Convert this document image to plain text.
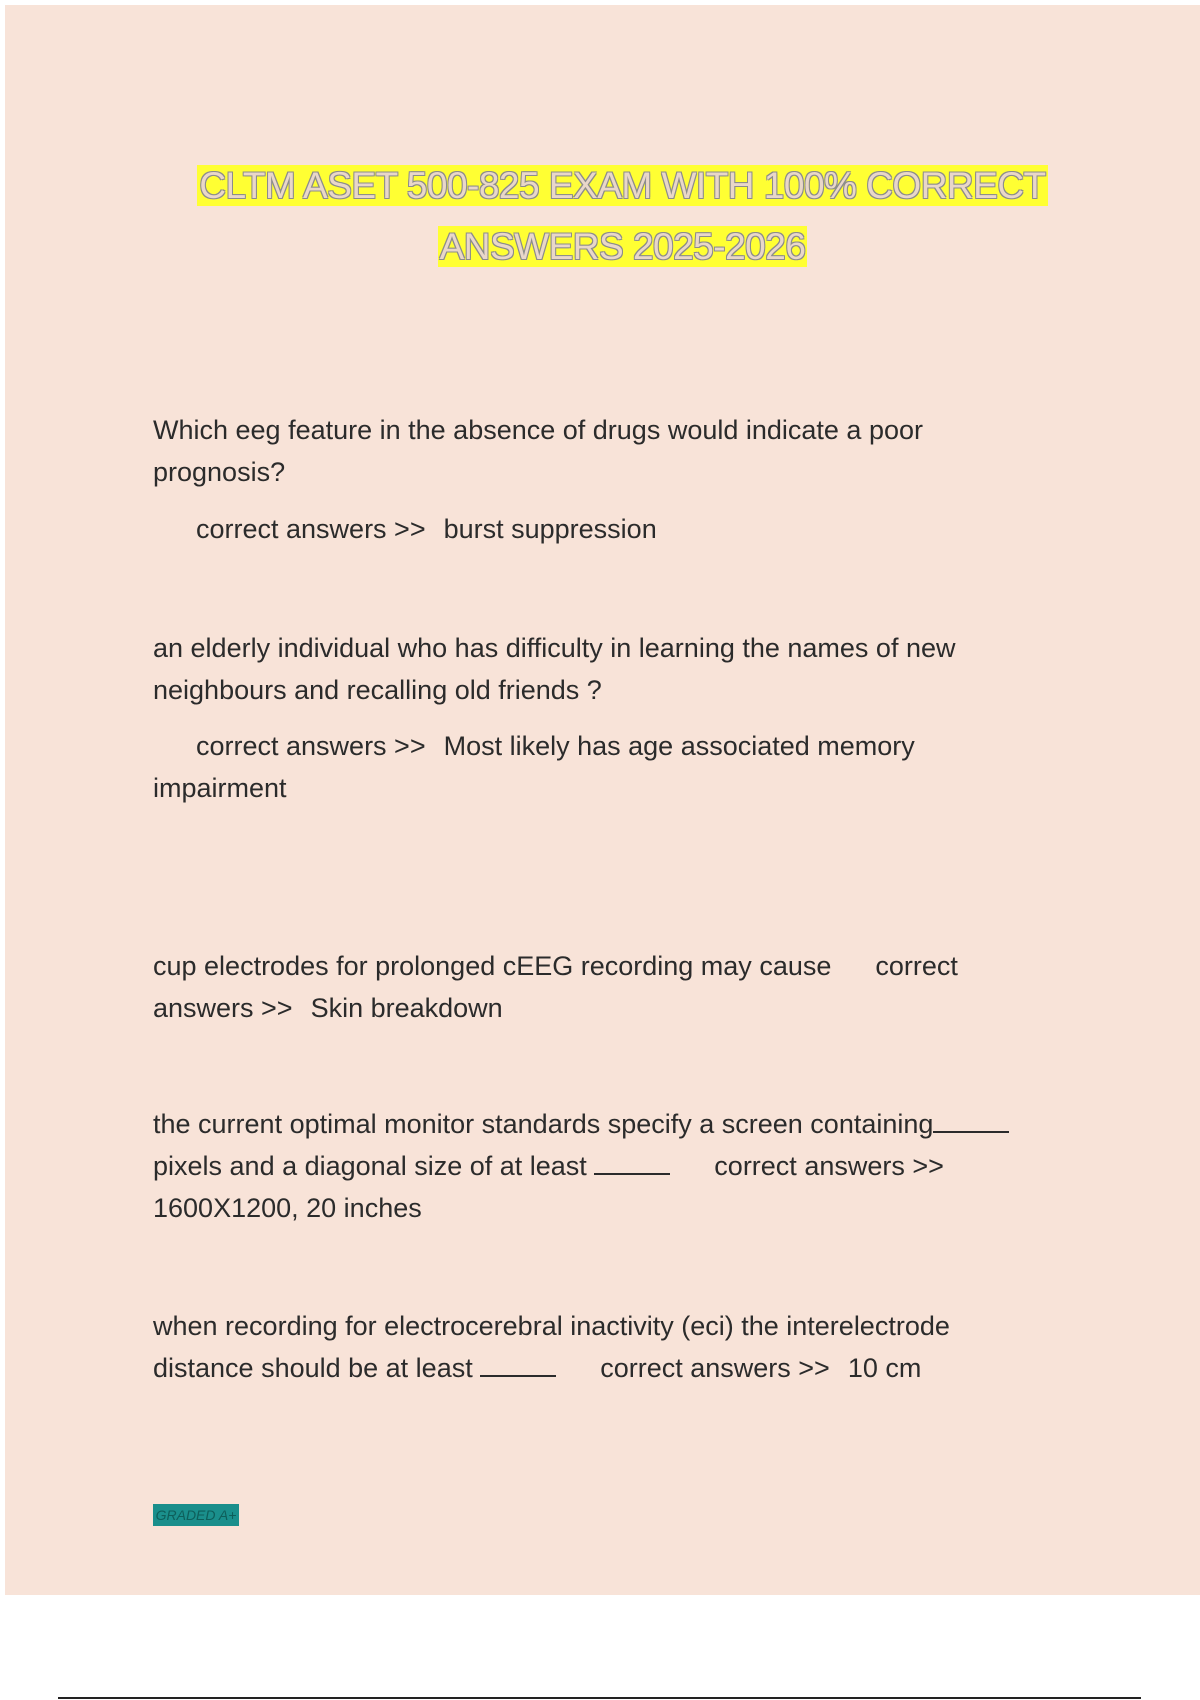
CLTM ASET 500-825 EXAM WITH 100% CORRECT
ANSWERS 2025-2026
Which eeg feature in the absence of drugs would indicate a poor
prognosis?
correct answers >> burst suppression
an elderly individual who has difficulty in learning the names of new
neighbours and recalling old friends ?
correct answers >> Most likely has age associated memory
impairment
cup electrodes for prolonged cEEG recording may cause correct
answers >> Skin breakdown
the current optimal monitor standards specify a screen containing
pixels and a diagonal size of at least	correct answers >>
1600X1200, 20 inches
when recording for electrocerebral inactivity (eci) the interelectrode
distance should be at least	correct answers >> 10 cm
GRADED A+
